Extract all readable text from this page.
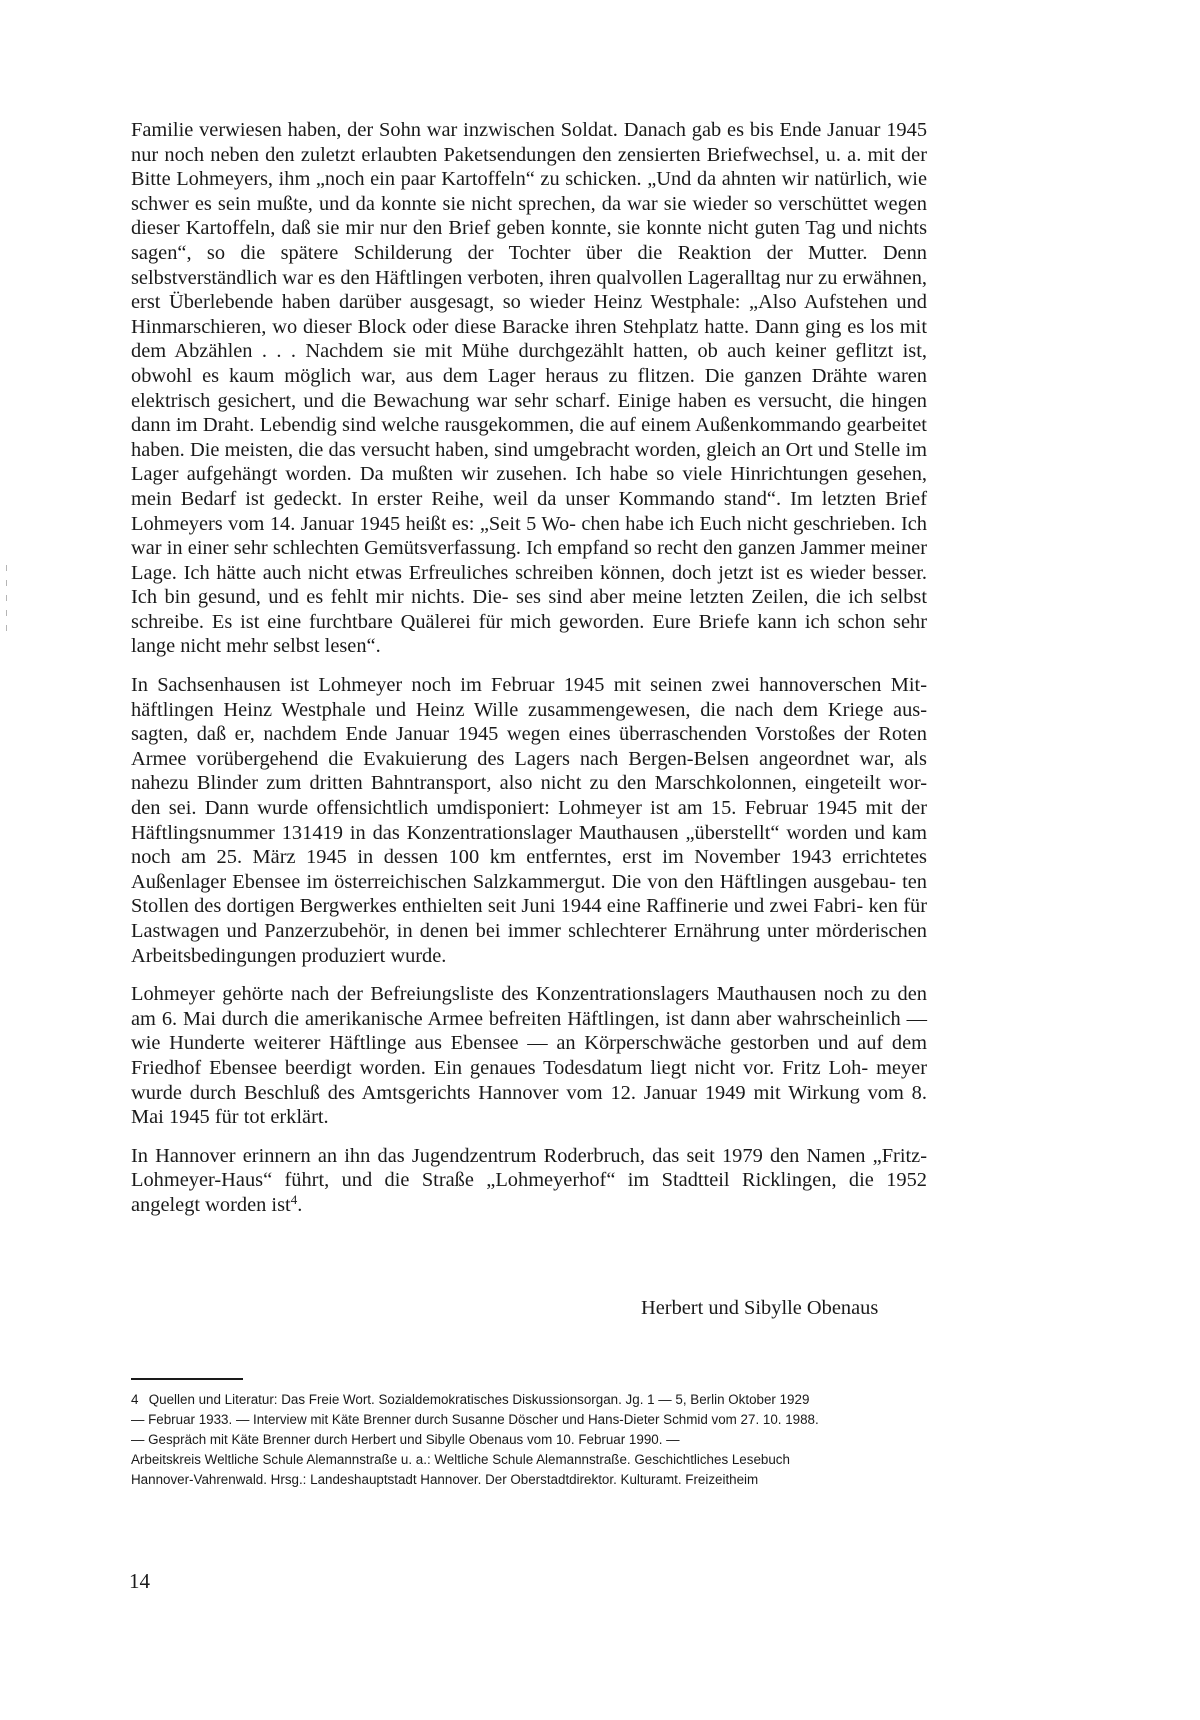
Familie verwiesen haben, der Sohn war inzwischen Soldat. Danach gab es bis Ende Januar 1945 nur noch neben den zuletzt erlaubten Paketsendungen den zensierten Briefwechsel, u. a. mit der Bitte Lohmeyers, ihm „noch ein paar Kartoffeln“ zu schicken. „Und da ahnten wir natürlich, wie schwer es sein mußte, und da konnte sie nicht sprechen, da war sie wieder so verschüttet wegen dieser Kartoffeln, daß sie mir nur den Brief geben konnte, sie konnte nicht guten Tag und nichts sagen“, so die spätere Schilderung der Tochter über die Reaktion der Mutter. Denn selbstverständlich war es den Häftlingen verboten, ihren qualvollen Lageralltag nur zu erwähnen, erst Überlebende haben darüber ausgesagt, so wieder Heinz Westphale: „Also Aufstehen und Hinmarschieren, wo dieser Block oder diese Baracke ihren Stehplatz hatte. Dann ging es los mit dem Abzählen . . . Nachdem sie mit Mühe durchgezählt hatten, ob auch keiner geflitzt ist, obwohl es kaum möglich war, aus dem Lager heraus zu flitzen. Die ganzen Drähte waren elektrisch gesichert, und die Bewachung war sehr scharf. Einige haben es versucht, die hingen dann im Draht. Lebendig sind welche rausgekommen, die auf einem Außenkommando gearbeitet haben. Die meisten, die das versucht haben, sind umgebracht worden, gleich an Ort und Stelle im Lager aufgehängt worden. Da mußten wir zusehen. Ich habe so viele Hinrichtungen gesehen, mein Bedarf ist gedeckt. In erster Reihe, weil da unser Kommando stand“. Im letzten Brief Lohmeyers vom 14. Januar 1945 heißt es: „Seit 5 Wo- chen habe ich Euch nicht geschrieben. Ich war in einer sehr schlechten Gemütsverfassung. Ich empfand so recht den ganzen Jammer meiner Lage. Ich hätte auch nicht etwas Erfreuliches schreiben können, doch jetzt ist es wieder besser. Ich bin gesund, und es fehlt mir nichts. Die- ses sind aber meine letzten Zeilen, die ich selbst schreibe. Es ist eine furchtbare Quälerei für mich geworden. Eure Briefe kann ich schon sehr lange nicht mehr selbst lesen“.

In Sachsenhausen ist Lohmeyer noch im Februar 1945 mit seinen zwei hannoverschen Mit- häftlingen Heinz Westphale und Heinz Wille zusammengewesen, die nach dem Kriege aus- sagten, daß er, nachdem Ende Januar 1945 wegen eines überraschenden Vorstoßes der Roten Armee vorübergehend die Evakuierung des Lagers nach Bergen-Belsen angeordnet war, als nahezu Blinder zum dritten Bahntransport, also nicht zu den Marschkolonnen, eingeteilt wor- den sei. Dann wurde offensichtlich umdisponiert: Lohmeyer ist am 15. Februar 1945 mit der Häftlingsnummer 131419 in das Konzentrationslager Mauthausen „überstellt“ worden und kam noch am 25. März 1945 in dessen 100 km entferntes, erst im November 1943 errichtetes Außenlager Ebensee im österreichischen Salzkammergut. Die von den Häftlingen ausgebau- ten Stollen des dortigen Bergwerkes enthielten seit Juni 1944 eine Raffinerie und zwei Fabri- ken für Lastwagen und Panzerzubehör, in denen bei immer schlechterer Ernährung unter mörderischen Arbeitsbedingungen produziert wurde.

Lohmeyer gehörte nach der Befreiungsliste des Konzentrationslagers Mauthausen noch zu den am 6. Mai durch die amerikanische Armee befreiten Häftlingen, ist dann aber wahrscheinlich — wie Hunderte weiterer Häftlinge aus Ebensee — an Körperschwäche gestorben und auf dem Friedhof Ebensee beerdigt worden. Ein genaues Todesdatum liegt nicht vor. Fritz Loh- meyer wurde durch Beschluß des Amtsgerichts Hannover vom 12. Januar 1949 mit Wirkung vom 8. Mai 1945 für tot erklärt.

In Hannover erinnern an ihn das Jugendzentrum Roderbruch, das seit 1979 den Namen „Fritz-Lohmeyer-Haus“ führt, und die Straße „Lohmeyerhof“ im Stadtteil Ricklingen, die 1952 angelegt worden ist$^4$.

Herbert und Sibylle Obenaus
4 Quellen und Literatur: Das Freie Wort. Sozialdemokratisches Diskussionsorgan. Jg. 1 — 5, Berlin Oktober 1929
— Februar 1933. — Interview mit Käte Brenner durch Susanne Döscher und Hans-Dieter Schmid vom 27. 10. 1988.
— Gespräch mit Käte Brenner durch Herbert und Sibylle Obenaus vom 10. Februar 1990. —
Arbeitskreis Weltliche Schule Alemannstraße u. a.: Weltliche Schule Alemannstraße. Geschichtliches Lesebuch
Hannover-Vahrenwald. Hrsg.: Landeshauptstadt Hannover. Der Oberstadtdirektor. Kulturamt. Freizeitheim
14
